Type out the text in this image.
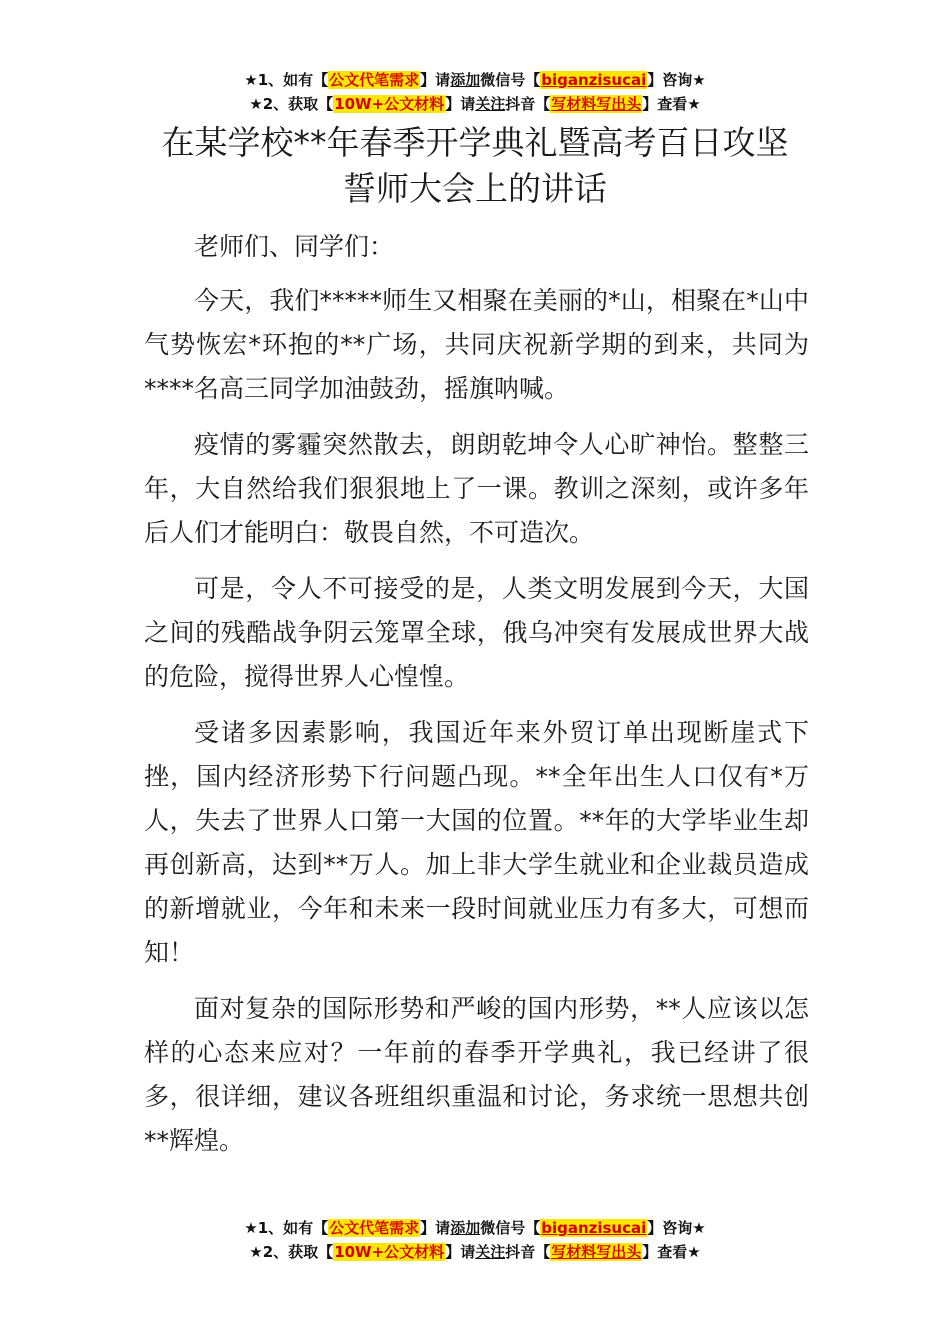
★1、如有【公文代笔需求】请添加微信号【biganzisucai】咨询★
★2、获取【10W+公文材料】请关注抖音【写材料写出头】查看★
在某学校**年春季开学典礼暨高考百日攻坚
誓师大会上的讲话

老师们、同学们：

今天，我们*****师生又相聚在美丽的*山，相聚在*山中气势恢宏*环抱的**广场，共同庆祝新学期的到来，共同为****名高三同学加油鼓劲，摇旗呐喊。

疫情的雾霾突然散去，朗朗乾坤令人心旷神怡。整整三年，大自然给我们狠狠地上了一课。教训之深刻，或许多年后人们才能明白：敬畏自然，不可造次。

可是，令人不可接受的是，人类文明发展到今天，大国之间的残酷战争阴云笼罩全球，俄乌冲突有发展成世界大战的危险，搅得世界人心惶惶。

受诸多因素影响，我国近年来外贸订单出现断崖式下挫，国内经济形势下行问题凸现。**全年出生人口仅有*万人，失去了世界人口第一大国的位置。**年的大学毕业生却再创新高，达到**万人。加上非大学生就业和企业裁员造成的新增就业，今年和未来一段时间就业压力有多大，可想而知！

面对复杂的国际形势和严峻的国内形势，**人应该以怎样的心态来应对？一年前的春季开学典礼，我已经讲了很多，很详细，建议各班组织重温和讨论，务求统一思想共创**辉煌。

★1、如有【公文代笔需求】请添加微信号【biganzisucai】咨询★
★2、获取【10W+公文材料】请关注抖音【写材料写出头】查看★
